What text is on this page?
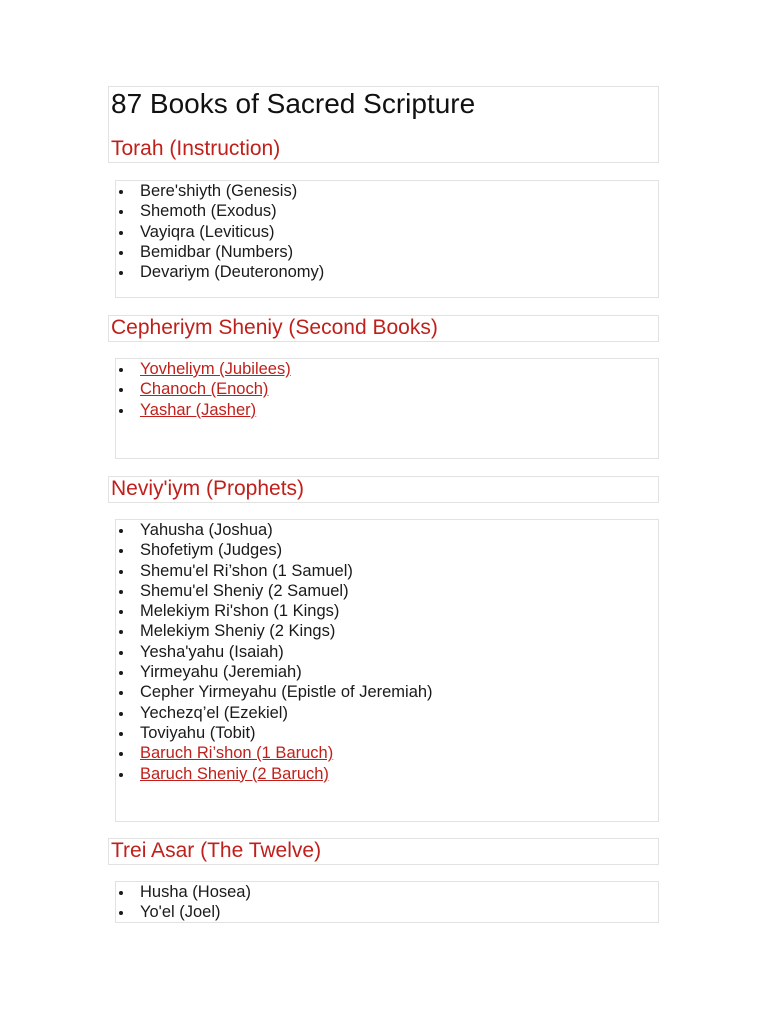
87 Books of Sacred Scripture
Torah (Instruction)
Bere'shiyth (Genesis)
Shemoth (Exodus)
Vayiqra (Leviticus)
Bemidbar (Numbers)
Devariym (Deuteronomy)
Cepheriym Sheniy (Second Books)
Yovheliym (Jubilees)
Chanoch (Enoch)
Yashar (Jasher)
Neviy'iym (Prophets)
Yahusha (Joshua)
Shofetiym (Judges)
Shemu'el Ri’shon (1 Samuel)
Shemu'el Sheniy (2 Samuel)
Melekiym Ri'shon (1 Kings)
Melekiym Sheniy (2 Kings)
Yesha'yahu (Isaiah)
Yirmeyahu (Jeremiah)
Cepher Yirmeyahu (Epistle of Jeremiah)
Yechezq’el (Ezekiel)
Toviyahu (Tobit)
Baruch Ri’shon (1 Baruch)
Baruch Sheniy (2 Baruch)
Trei Asar (The Twelve)
Husha (Hosea)
Yo'el (Joel)
